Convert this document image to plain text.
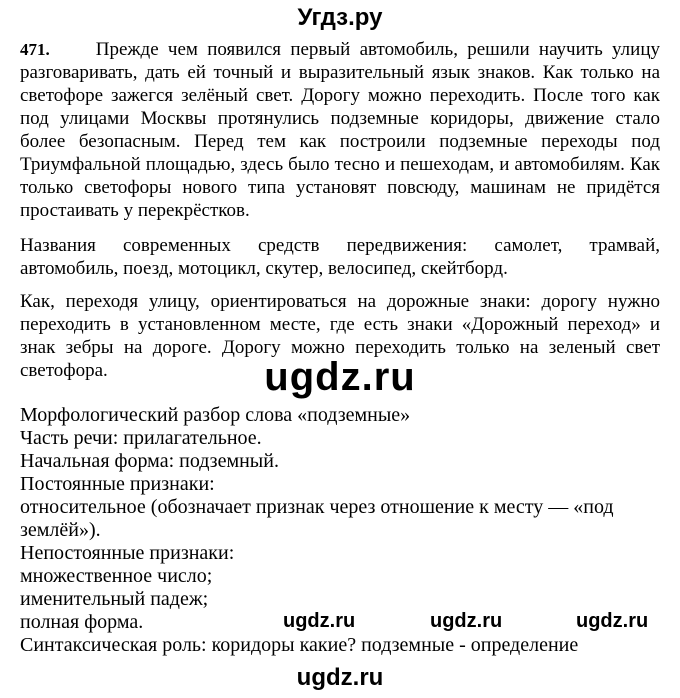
Угдз.ру

471. Прежде чем появился первый автомобиль, решили научить улицу разговаривать, дать ей точный и выразительный язык знаков. Как только на светофоре зажегся зелёный свет. Дорогу можно переходить. После того как под улицами Москвы протянулись подземные коридоры, движение стало более безопасным. Перед тем как построили подземные переходы под Триумфальной площадью, здесь было тесно и пешеходам, и автомобилям. Как только светофоры нового типа установят повсюду, машинам не придётся простаивать у перекрёстков.

Названия современных средств передвижения: самолет, трамвай,
автомобиль, поезд, мотоцикл, скутер, велосипед, скейтборд.

Как, переходя улицу, ориентироваться на дорожные знаки: дорогу нужно переходить в установленном месте, где есть знаки «Дорожный переход» и знак зебры на дороге. Дорогу можно переходить только на зеленый свет светофора.	ugdz.ru
Морфологический разбор слова «подземные»
Часть речи: прилагательное.
Начальная форма: подземный.
Постоянные признаки:
относительное (обозначает признак через отношение к месту — «под
землёй»).
Непостоянные признаки:
множественное число;
именительный падеж;
полная форма.
Синтаксическая роль: коридоры какие? подземные - определение
ugdz.ru	ugdz.ru	ugdz.ru
ugdz.ru
